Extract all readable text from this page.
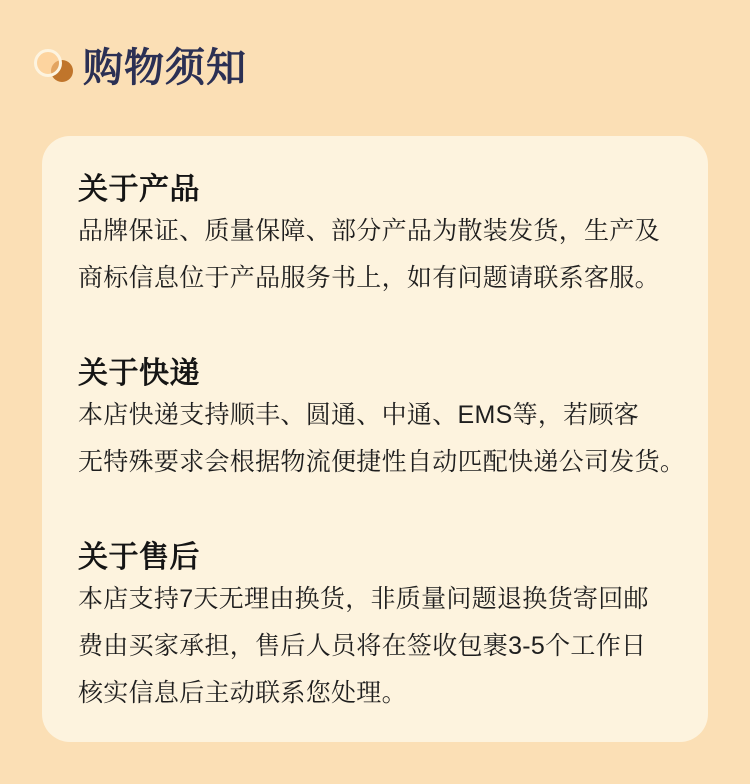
购物须知
关于产品
品牌保证、质量保障、部分产品为散装发货，生产及
商标信息位于产品服务书上，如有问题请联系客服。
关于快递
本店快递支持顺丰、圆通、中通、EMS等，若顾客
无特殊要求会根据物流便捷性自动匹配快递公司发货。
关于售后
本店支持7天无理由换货，非质量问题退换货寄回邮
费由买家承担，售后人员将在签收包裹3-5个工作日
核实信息后主动联系您处理。
